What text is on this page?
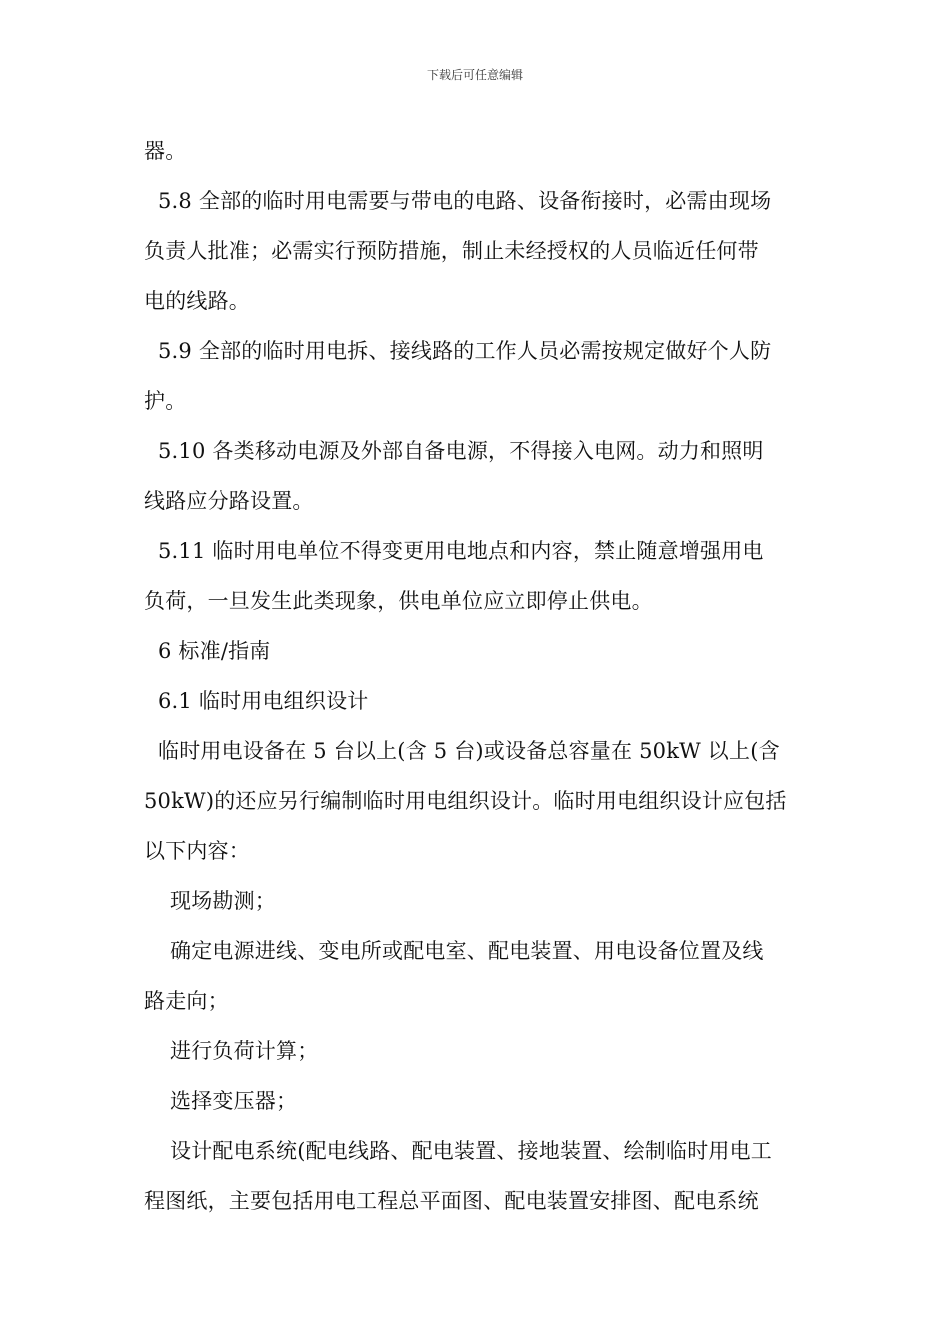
下载后可任意编辑
器。
5.8 全部的临时用电需要与带电的电路、设备衔接时，必需由现场
负责人批准；必需实行预防措施，制止未经授权的人员临近任何带
电的线路。
5.9 全部的临时用电拆、接线路的工作人员必需按规定做好个人防
护。
5.10 各类移动电源及外部自备电源，不得接入电网。动力和照明
线路应分路设置。
5.11 临时用电单位不得变更用电地点和内容，禁止随意增强用电
负荷，一旦发生此类现象，供电单位应立即停止供电。
6 标准/指南
6.1 临时用电组织设计
临时用电设备在 5 台以上(含 5 台)或设备总容量在 50kW 以上(含
50kW)的还应另行编制临时用电组织设计。临时用电组织设计应包括
以下内容：
现场勘测；
确定电源进线、变电所或配电室、配电装置、用电设备位置及线
路走向；
进行负荷计算；
选择变压器；
设计配电系统(配电线路、配电装置、接地装置、绘制临时用电工
程图纸，主要包括用电工程总平面图、配电装置安排图、配电系统
